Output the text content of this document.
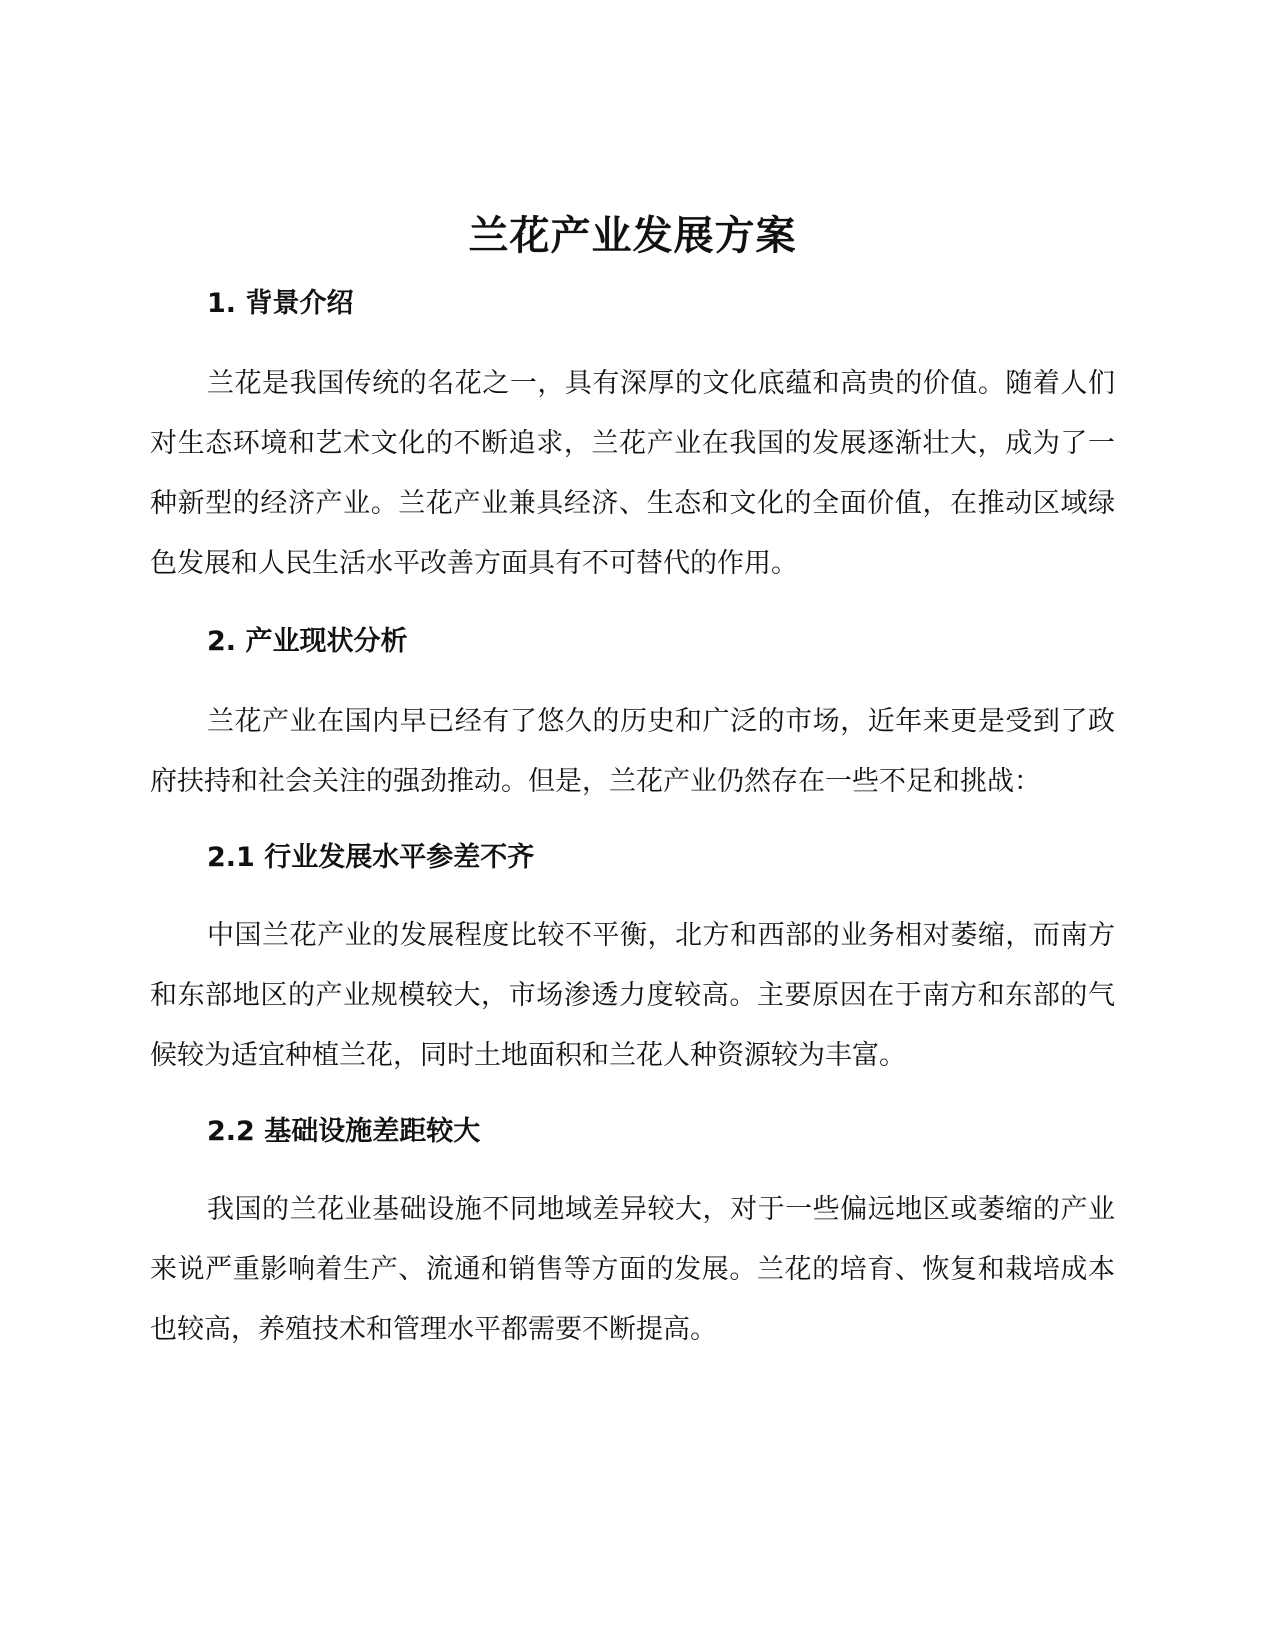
兰花产业发展方案
1. 背景介绍

兰花是我国传统的名花之一，具有深厚的文化底蕴和高贵的价值。随着人们对生态环境和艺术文化的不断追求，兰花产业在我国的发展逐渐壮大，成为了一种新型的经济产业。兰花产业兼具经济、生态和文化的全面价值，在推动区域绿色发展和人民生活水平改善方面具有不可替代的作用。

2. 产业现状分析

兰花产业在国内早已经有了悠久的历史和广泛的市场，近年来更是受到了政府扶持和社会关注的强劲推动。但是，兰花产业仍然存在一些不足和挑战：

2.1 行业发展水平参差不齐

中国兰花产业的发展程度比较不平衡，北方和西部的业务相对萎缩，而南方和东部地区的产业规模较大，市场渗透力度较高。主要原因在于南方和东部的气候较为适宜种植兰花，同时土地面积和兰花人种资源较为丰富。

2.2 基础设施差距较大

我国的兰花业基础设施不同地域差异较大，对于一些偏远地区或萎缩的产业来说严重影响着生产、流通和销售等方面的发展。兰花的培育、恢复和栽培成本也较高，养殖技术和管理水平都需要不断提高。
